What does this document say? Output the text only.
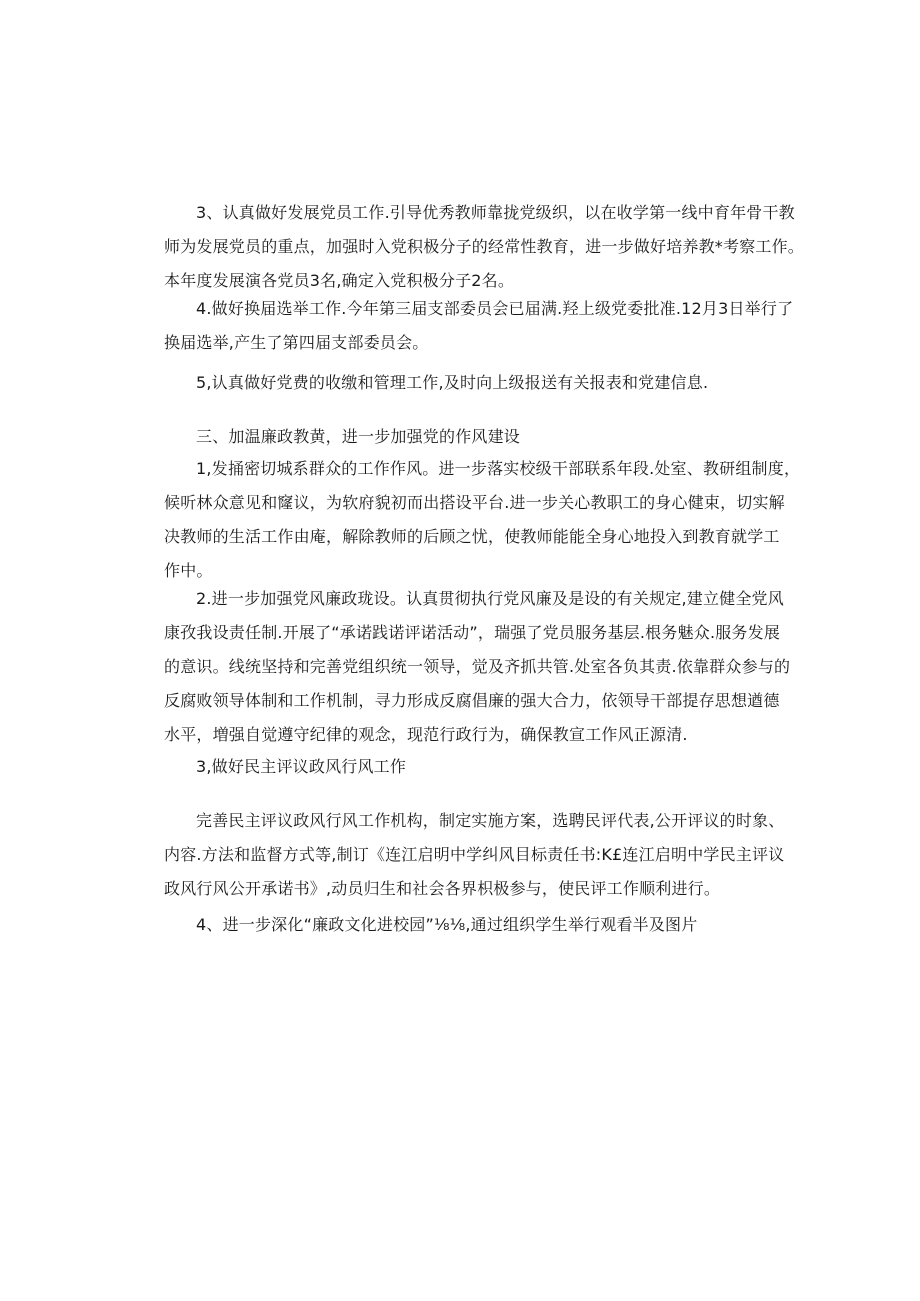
3、认真做好发展党员工作.引导优秀教师靠拢党级织，以在收学第一线中育年骨干教
师为发展党员的重点，加强时入党积极分子的经常性教育，进一步做好培养教*考察工作。
本年度发展演各党员3名,确定入党积极分子2名。
4.做好换届选举工作.今年第三届支部委员会已届满.羟上级党委批准.12月3日举行了
换届选举,产生了第四届支部委员会。
5,认真做好党费的收缴和管理工作,及时向上级报送有关报表和党建信息.
三、加温廉政教黄，进一步加强党的作风建设
1,发捅密切城系群众的工作作风。进一步落实校级干部联系年段.处室、教研组制度，
候听林众意见和窿议，为软府貌初而出搭设平台.进一步关心教职工的身心健束，切实解
决教师的生活工作由庵，解除教师的后顾之忧，使教师能能全身心地投入到教育就学工
作中。
2.进一步加强党风廉政珑设。认真贯彻执行党风廉及是设的有关规定,建立健全党风
康孜我设责任制.开展了“承诺践诺评诺活动”，瑞强了党员服务基层.根务魅众.服务发展
的意识。线统坚持和完善党组织统一领导，觉及齐抓共管.处室各负其责.依靠群众参与的
反腐败领导体制和工作机制，寻力形成反腐倡廉的强大合力，依领导干部提存思想遒德
水平，増强自觉遵守纪律的观念，现范行政行为，确保教宣工作风正源清.
3,做好民主评议政风行风工作
完善民主评议政风行风工作机构，制定实施方案，选聘民评代表,公开评议的时象、
内容.方法和监督方式等,制订《连江启明中学纠风目标责任书:K£连江启明中学民主评议
政风行风公开承诺书》,动员归生和社会各界枳极参与，使民评工作顺利进行。
4、进一步深化“廉政文化进校园”⅛⅛,通过组织学生举行观看半及图片
